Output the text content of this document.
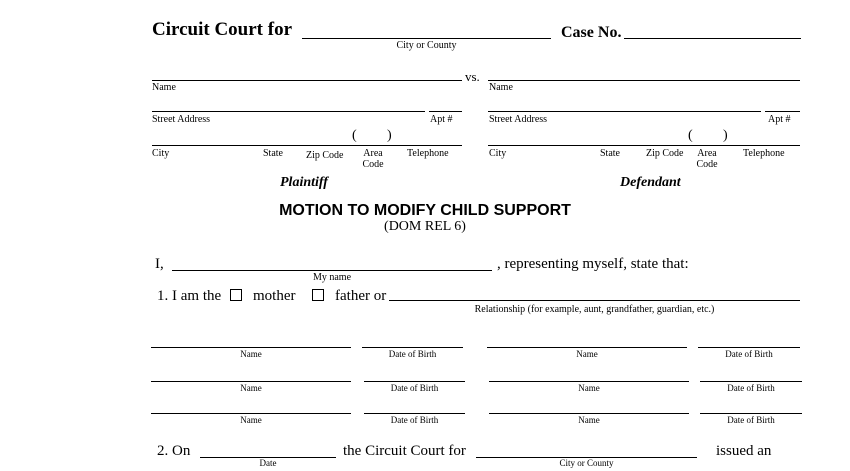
Circuit Court for
City or County
Case No.
vs.
Name
Street Address	Apt #
( )
City	State Zip Code	Area
Code
Telephone
Plaintiff
Name
Street Address	Apt #
( )
City	State	Zip Code	Area
Code
Telephone
Defendant
MOTION TO MODIFY CHILD SUPPORT
(DOM REL 6)
I,
My name
, representing myself, state that:
1. I am the mother	father or
Relationship (for example, aunt, grandfather, guardian, etc.)
Name	Date of Birth	Name	Date of Birth
Name	Date of Birth	Name	Date of Birth
Name	Date of Birth	Name	Date of Birth
2. On
Date
the Circuit Court for
City or County
issued an
